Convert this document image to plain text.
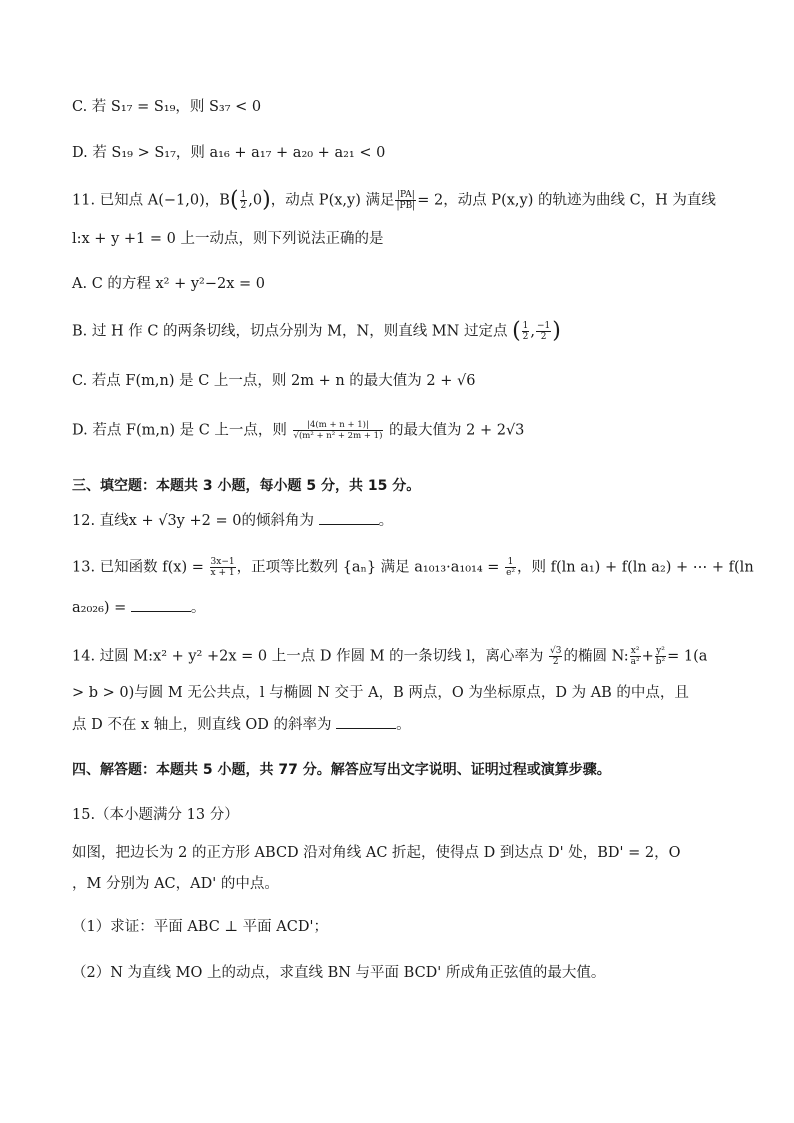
C. 若 S₁₇ = S₁₉，则 S₃₇ < 0
D. 若 S₁₉ > S₁₇，则 a₁₆ + a₁₇ + a₂₀ + a₂₁ < 0
11. 已知点 A(−1,0)，$B( \frac{1}{2} ,0)$，动点 P(x,y) 满足 $\frac{|PA|}{|PB|} = 2$，动点 P(x,y) 的轨迹为曲线 C，H 为直线
l:x + y +1 = 0 上一动点，则下列说法正确的是
A. C 的方程 x² + y²−2x = 0
B. 过 H 作 C 的两条切线，切点分别为 M，N，则直线 MN 过定点 ( $\frac{1}{2}$ , $\frac{-1}{2}$ )
C. 若点 F(m,n) 是 C 上一点，则 2m + n 的最大值为 2 + √6
D. 若点 F(m,n) 是 C 上一点，则 $\frac{|4(m + n + 1)|}{\text{√(m² + n² + 2m + 1)}}$ 的最大值为 2 + 2√3
三、填空题：本题共 3 小题，每小题 5 分，共 15 分。
12. 直线x + √3y +2 = 0的倾斜角为	。
13. 已知函数 $f(x) = \frac{3x-1}{x + 1}$ ，正项等比数列 {aₙ} 满足 $a_{1013}\cdot a_{1014} = \frac{1}{\text{e²}}$ ，则 f(ln a₁) + f(ln a₂) + ⋯ + f(ln
a₂₀₂₆) =	。
14. 过圆 M:x² + y² +2x = 0 上一点 D 作圆 M 的一条切线 l，离心率为 $\frac{√3}{2}$ 的椭圆 N: $\frac{\text{x²}}{\text{a²}} + \frac{\text{y²}}{\text{b²}} = 1(a$
> b > 0)与圆 M 无公共点，l 与椭圆 N 交于 A，B 两点，O 为坐标原点，D 为 AB 的中点，且
点 D 不在 x 轴上，则直线 OD 的斜率为	。
四、解答题：本题共 5 小题，共 77 分。解答应写出文字说明、证明过程或演算步骤。
15.（本小题满分 13 分）
如图，把边长为 2 的正方形 ABCD 沿对角线 AC 折起，使得点 D 到达点 D' 处，BD' = 2，O
，M 分别为 AC，AD' 的中点。
（1）求证：平面 ABC ⊥ 平面 ACD'；
（2）N 为直线 MO 上的动点，求直线 BN 与平面 BCD' 所成角正弦值的最大值。
